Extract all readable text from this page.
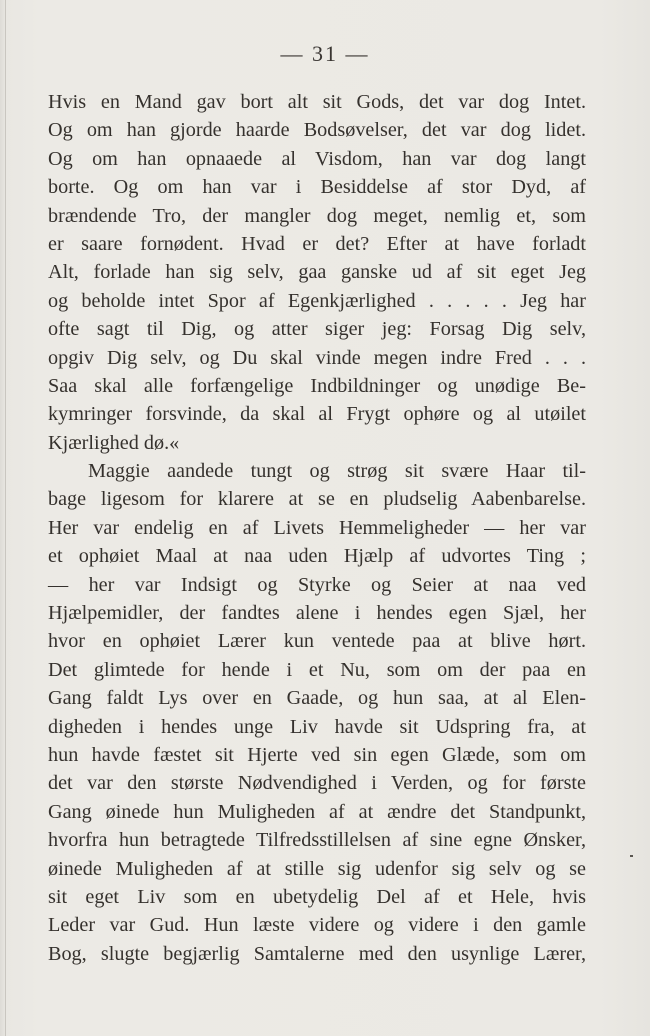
— 31 —
Hvis en Mand gav bort alt sit Gods, det var dog Intet.
Og om han gjorde haarde Bodsøvelser, det var dog lidet.
Og om han opnaaede al Visdom, han var dog langt
borte. Og om han var i Besiddelse af stor Dyd, af
brændende Tro, der mangler dog meget, nemlig et, som
er saare fornødent. Hvad er det? Efter at have forladt
Alt, forlade han sig selv, gaa ganske ud af sit eget Jeg
og beholde intet Spor af Egenkjærlighed . . . . . Jeg har
ofte sagt til Dig, og atter siger jeg: Forsag Dig selv,
opgiv Dig selv, og Du skal vinde megen indre Fred . . .
Saa skal alle forfængelige Indbildninger og unødige Be-
kymringer forsvinde, da skal al Frygt ophøre og al utøilet
Kjærlighed dø.«
Maggie aandede tungt og strøg sit svære Haar til-
bage ligesom for klarere at se en pludselig Aabenbarelse.
Her var endelig en af Livets Hemmeligheder — her var
et ophøiet Maal at naa uden Hjælp af udvortes Ting ;
— her var Indsigt og Styrke og Seier at naa ved
Hjælpemidler, der fandtes alene i hendes egen Sjæl, her
hvor en ophøiet Lærer kun ventede paa at blive hørt.
Det glimtede for hende i et Nu, som om der paa en
Gang faldt Lys over en Gaade, og hun saa, at al Elen-
digheden i hendes unge Liv havde sit Udspring fra, at
hun havde fæstet sit Hjerte ved sin egen Glæde, som om
det var den største Nødvendighed i Verden, og for første
Gang øinede hun Muligheden af at ændre det Standpunkt,
hvorfra hun betragtede Tilfredsstillelsen af sine egne Ønsker,
øinede Muligheden af at stille sig udenfor sig selv og se
sit eget Liv som en ubetydelig Del af et Hele, hvis
Leder var Gud. Hun læste videre og videre i den gamle
Bog, slugte begjærlig Samtalerne med den usynlige Lærer,
